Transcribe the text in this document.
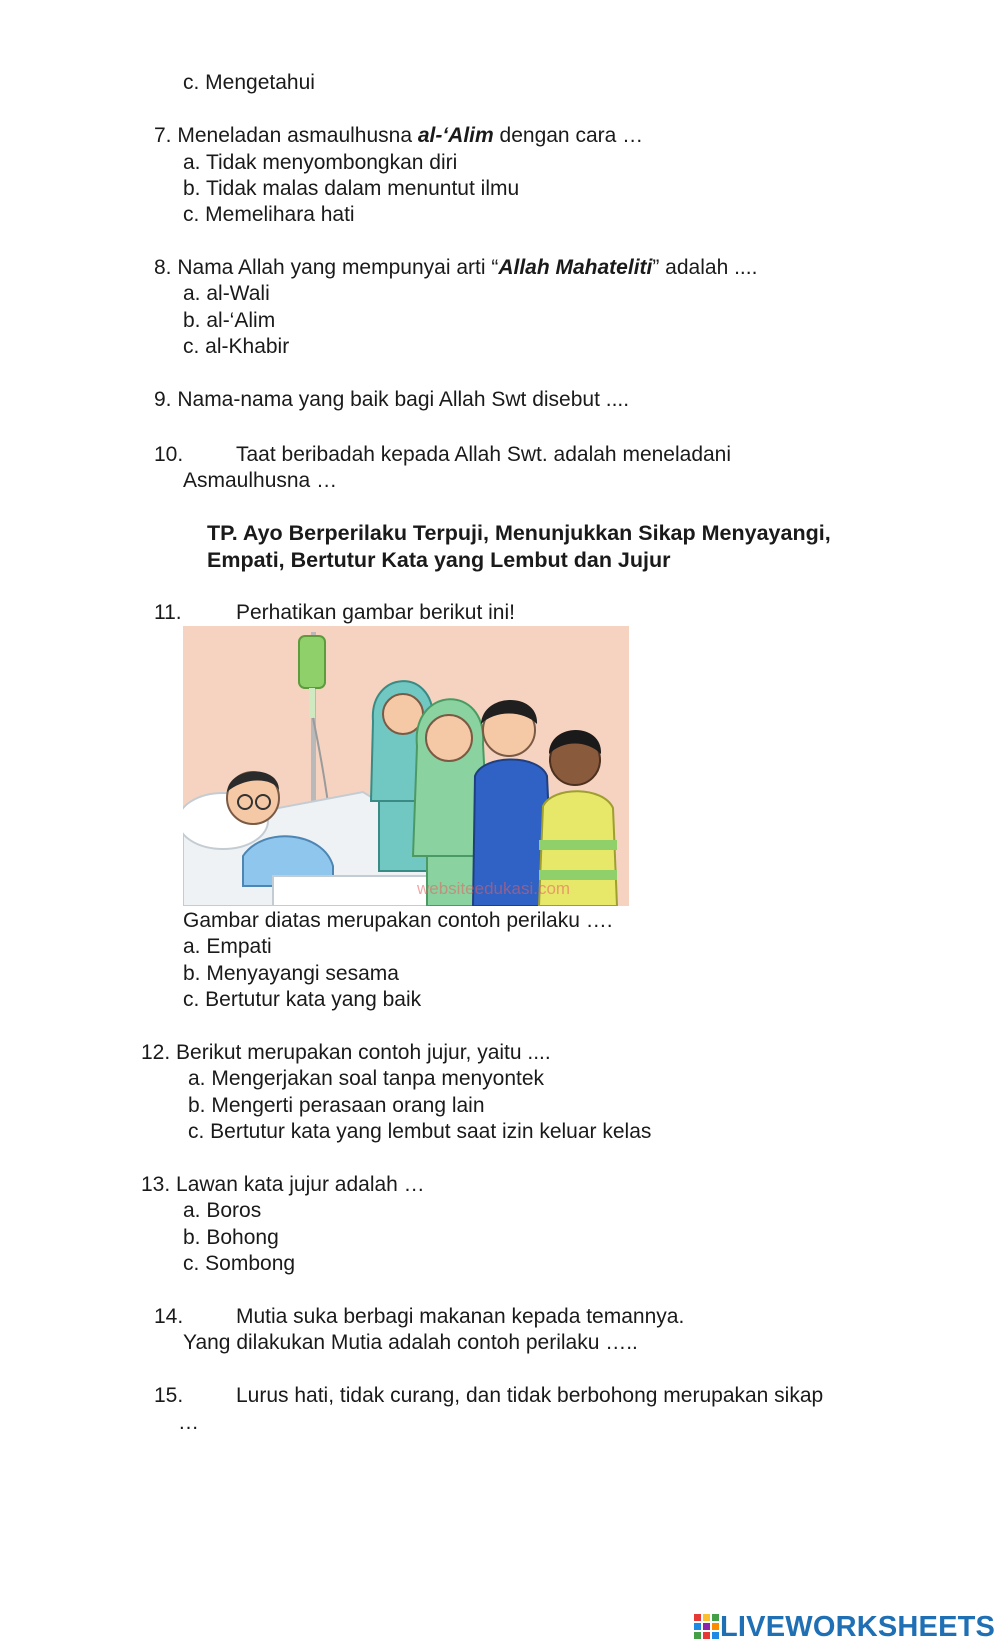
c. Mengetahui
7. Meneladan asmaulhusna al-‘Alim dengan cara …
a. Tidak menyombongkan diri
b. Tidak malas dalam menuntut ilmu
c. Memelihara hati
8. Nama Allah yang mempunyai arti “Allah Mahateliti” adalah ....
a. al-Wali
b. al-‘Alim
c. al-Khabir
9. Nama-nama yang baik bagi Allah Swt disebut ....
10.	Taat beribadah kepada Allah Swt. adalah meneladani
Asmaulhusna …
TP. Ayo Berperilaku Terpuji, Menunjukkan Sikap Menyayangi,
Empati, Bertutur Kata yang Lembut dan Jujur
11.	Perhatikan gambar berikut ini!
websiteedukasi.com
Gambar diatas merupakan contoh perilaku ….
a. Empati
b. Menyayangi sesama
c. Bertutur kata yang baik
12. Berikut merupakan contoh jujur, yaitu ....
a. Mengerjakan soal tanpa menyontek
b. Mengerti perasaan orang lain
c. Bertutur kata yang lembut saat izin keluar kelas
13. Lawan kata jujur adalah …
a. Boros
b. Bohong
c. Sombong
14.	Mutia suka berbagi makanan kepada temannya.
Yang dilakukan Mutia adalah contoh perilaku …..
15.	Lurus hati, tidak curang, dan tidak berbohong merupakan sikap
…
LIVEWORKSHEETS
